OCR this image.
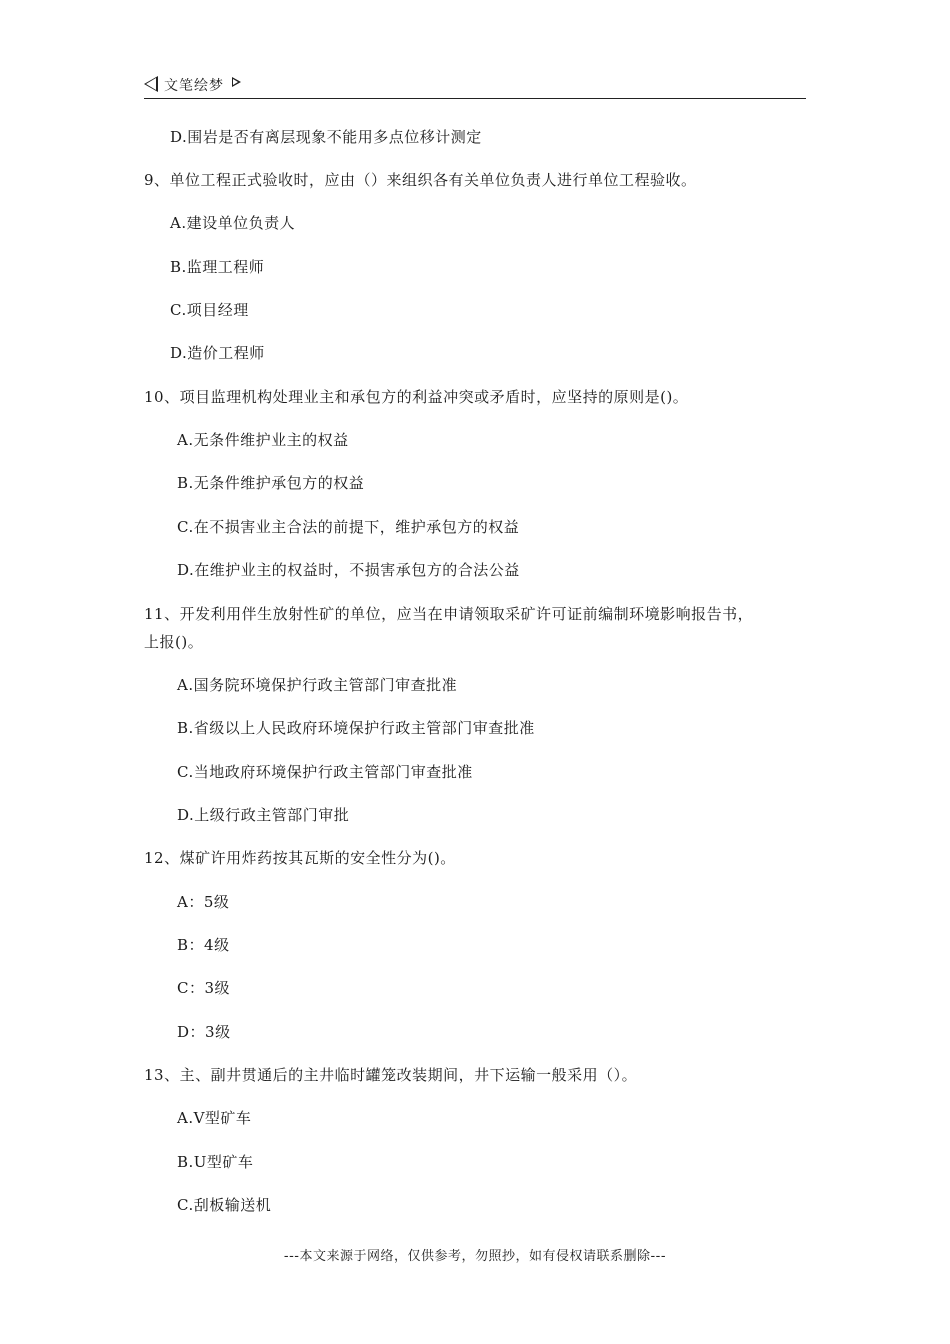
文笔绘梦
D.围岩是否有离层现象不能用多点位移计测定
9、单位工程正式验收时，应由（）来组织各有关单位负责人进行单位工程验收。
A.建设单位负责人
B.监理工程师
C.项目经理
D.造价工程师
10、项目监理机构处理业主和承包方的利益冲突或矛盾时，应坚持的原则是()。
A.无条件维护业主的权益
B.无条件维护承包方的权益
C.在不损害业主合法的前提下，维护承包方的权益
D.在维护业主的权益时，不损害承包方的合法公益
11、开发利用伴生放射性矿的单位，应当在申请领取采矿许可证前编制环境影响报告书，
上报()。
A.国务院环境保护行政主管部门审查批准
B.省级以上人民政府环境保护行政主管部门审查批准
C.当地政府环境保护行政主管部门审查批准
D.上级行政主管部门审批
12、煤矿许用炸药按其瓦斯的安全性分为()。
A：5级
B：4级
C：3级
D：3级
13、主、副井贯通后的主井临时罐笼改装期间，井下运输一般采用（）。
A.V型矿车
B.U型矿车
C.刮板输送机
---本文来源于网络，仅供参考，勿照抄，如有侵权请联系删除---
